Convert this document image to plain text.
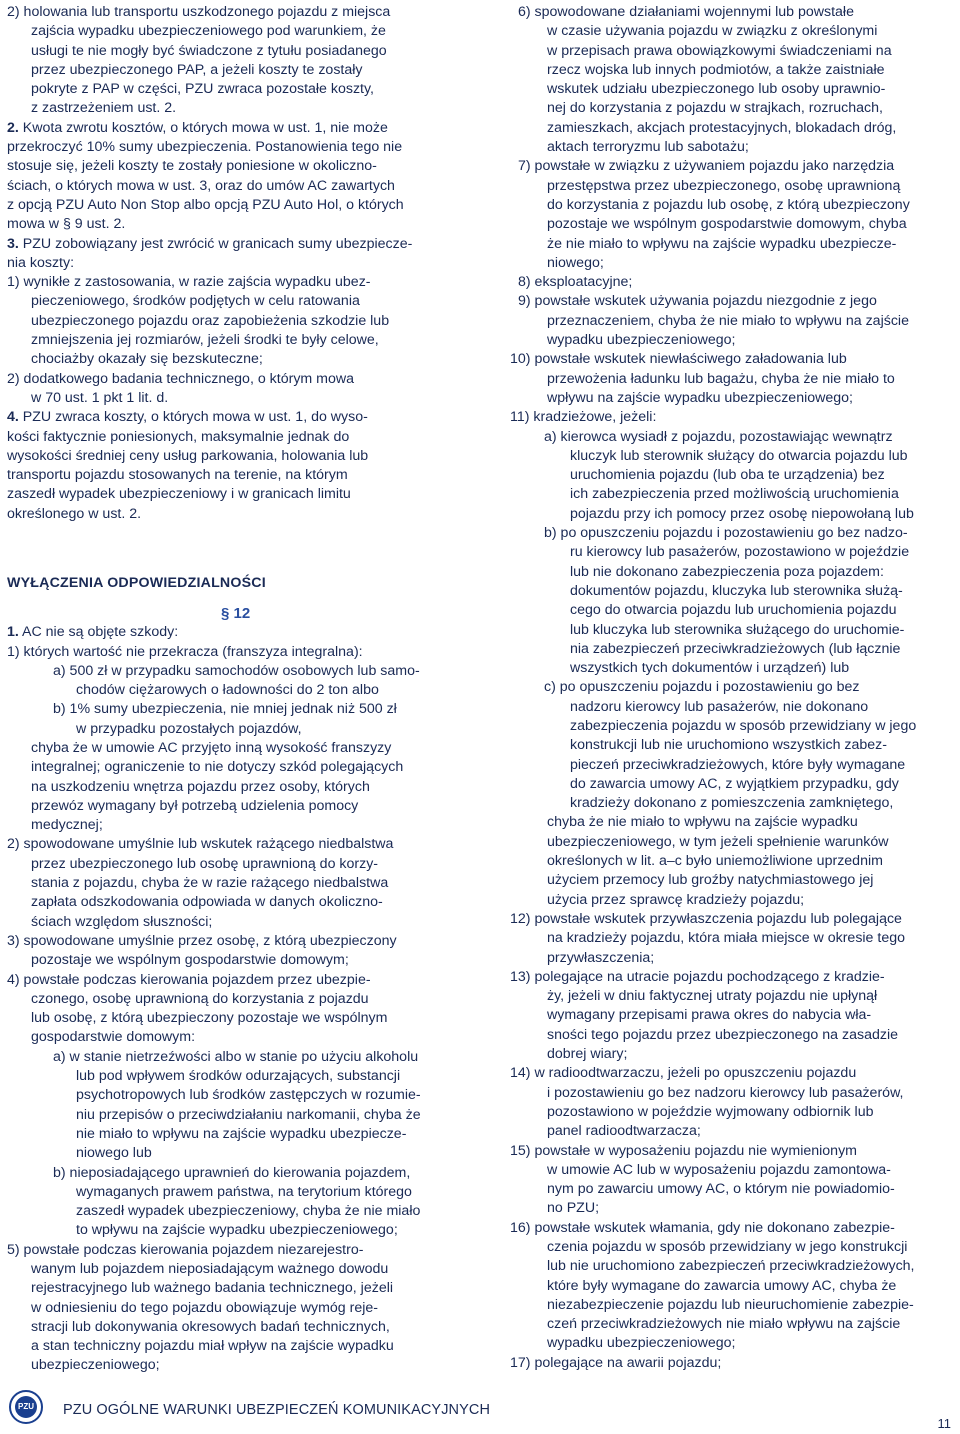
2) holowania lub transportu uszkodzonego pojazdu z miejsca
zajścia wypadku ubezpieczeniowego pod warunkiem, że
usługi te nie mogły być świadczone z tytułu posiadanego
przez ubezpieczonego PAP, a jeżeli koszty te zostały
pokryte z PAP w części, PZU zwraca pozostałe koszty,
z zastrzeżeniem ust. 2.
2. Kwota zwrotu kosztów, o których mowa w ust. 1, nie może
przekroczyć 10% sumy ubezpieczenia. Postanowienia tego nie
stosuje się, jeżeli koszty te zostały poniesione w okoliczno-
ściach, o których mowa w ust. 3, oraz do umów AC zawartych
z opcją PZU Auto Non Stop albo opcją PZU Auto Hol, o których
mowa w § 9 ust. 2.
3. PZU zobowiązany jest zwrócić w granicach sumy ubezpiecze-
nia koszty:
1) wynikłe z zastosowania, w razie zajścia wypadku ubez-
pieczeniowego, środków podjętych w celu ratowania
ubezpieczonego pojazdu oraz zapobieżenia szkodzie lub
zmniejszenia jej rozmiarów, jeżeli środki te były celowe,
chociażby okazały się bezskuteczne;
2) dodatkowego badania technicznego, o którym mowa
w 70 ust. 1 pkt 1 lit. d.
4. PZU zwraca koszty, o których mowa w ust. 1, do wyso-
kości faktycznie poniesionych, maksymalnie jednak do
wysokości średniej ceny usług parkowania, holowania lub
transportu pojazdu stosowanych na terenie, na którym
zaszedł wypadek ubezpieczeniowy i w granicach limitu
określonego w ust. 2.
WYŁĄCZENIA ODPOWIEDZIALNOŚCI
§ 12
1. AC nie są objęte szkody:
1) których wartość nie przekracza (franszyza integralna):
a) 500 zł w przypadku samochodów osobowych lub samo-
chodów ciężarowych o ładowności do 2 ton albo
b) 1% sumy ubezpieczenia, nie mniej jednak niż 500 zł
w przypadku pozostałych pojazdów,
chyba że w umowie AC przyjęto inną wysokość franszyzy
integralnej; ograniczenie to nie dotyczy szkód polegających
na uszkodzeniu wnętrza pojazdu przez osoby, których
przewóz wymagany był potrzebą udzielenia pomocy
medycznej;
2) spowodowane umyślnie lub wskutek rażącego niedbalstwa
przez ubezpieczonego lub osobę uprawnioną do korzy-
stania z pojazdu, chyba że w razie rażącego niedbalstwa
zapłata odszkodowania odpowiada w danych okoliczno-
ściach względom słuszności;
3) spowodowane umyślnie przez osobę, z którą ubezpieczony
pozostaje we wspólnym gospodarstwie domowym;
4) powstałe podczas kierowania pojazdem przez ubezpie-
czonego, osobę uprawnioną do korzystania z pojazdu
lub osobę, z którą ubezpieczony pozostaje we wspólnym
gospodarstwie domowym:
a) w stanie nietrzeźwości albo w stanie po użyciu alkoholu
lub pod wpływem środków odurzających, substancji
psychotropowych lub środków zastępczych w rozumie-
niu przepisów o przeciwdziałaniu narkomanii, chyba że
nie miało to wpływu na zajście wypadku ubezpiecze-
niowego lub
b) nieposiadającego uprawnień do kierowania pojazdem,
wymaganych prawem państwa, na terytorium którego
zaszedł wypadek ubezpieczeniowy, chyba że nie miało
to wpływu na zajście wypadku ubezpieczeniowego;
5) powstałe podczas kierowania pojazdem niezarejestro-
wanym lub pojazdem nieposiadającym ważnego dowodu
rejestracyjnego lub ważnego badania technicznego, jeżeli
w odniesieniu do tego pojazdu obowiązuje wymóg reje-
stracji lub dokonywania okresowych badań technicznych,
a stan techniczny pojazdu miał wpływ na zajście wypadku
ubezpieczeniowego;
6) spowodowane działaniami wojennymi lub powstałe
w czasie używania pojazdu w związku z określonymi
w przepisach prawa obowiązkowymi świadczeniami na
rzecz wojska lub innych podmiotów, a także zaistniałe
wskutek udziału ubezpieczonego lub osoby uprawnio-
nej do korzystania z pojazdu w strajkach, rozruchach,
zamieszkach, akcjach protestacyjnych, blokadach dróg,
aktach terroryzmu lub sabotażu;
7) powstałe w związku z używaniem pojazdu jako narzędzia
przestępstwa przez ubezpieczonego, osobę uprawnioną
do korzystania z pojazdu lub osobę, z którą ubezpieczony
pozostaje we wspólnym gospodarstwie domowym, chyba
że nie miało to wpływu na zajście wypadku ubezpiecze-
niowego;
8) eksploatacyjne;
9) powstałe wskutek używania pojazdu niezgodnie z jego
przeznaczeniem, chyba że nie miało to wpływu na zajście
wypadku ubezpieczeniowego;
10) powstałe wskutek niewłaściwego załadowania lub
przewożenia ładunku lub bagażu, chyba że nie miało to
wpływu na zajście wypadku ubezpieczeniowego;
11) kradzieżowe, jeżeli:
a) kierowca wysiadł z pojazdu, pozostawiając wewnątrz
kluczyk lub sterownik służący do otwarcia pojazdu lub
uruchomienia pojazdu (lub oba te urządzenia) bez
ich zabezpieczenia przed możliwością uruchomienia
pojazdu przy ich pomocy przez osobę niepowołaną lub
b) po opuszczeniu pojazdu i pozostawieniu go bez nadzo-
ru kierowcy lub pasażerów, pozostawiono w pojeździe
lub nie dokonano zabezpieczenia poza pojazdem:
dokumentów pojazdu, kluczyka lub sterownika służą-
cego do otwarcia pojazdu lub uruchomienia pojazdu
lub kluczyka lub sterownika służącego do uruchomie-
nia zabezpieczeń przeciwkradzieżowych (lub łącznie
wszystkich tych dokumentów i urządzeń) lub
c) po opuszczeniu pojazdu i pozostawieniu go bez
nadzoru kierowcy lub pasażerów, nie dokonano
zabezpieczenia pojazdu w sposób przewidziany w jego
konstrukcji lub nie uruchomiono wszystkich zabez-
pieczeń przeciwkradzieżowych, które były wymagane
do zawarcia umowy AC, z wyjątkiem przypadku, gdy
kradzieży dokonano z pomieszczenia zamkniętego,
chyba że nie miało to wpływu na zajście wypadku
ubezpieczeniowego, w tym jeżeli spełnienie warunków
określonych w lit. a–c było uniemożliwione uprzednim
użyciem przemocy lub groźby natychmiastowego jej
użycia przez sprawcę kradzieży pojazdu;
12) powstałe wskutek przywłaszczenia pojazdu lub polegające
na kradzieży pojazdu, która miała miejsce w okresie tego
przywłaszczenia;
13) polegające na utracie pojazdu pochodzącego z kradzie-
ży, jeżeli w dniu faktycznej utraty pojazdu nie upłynął
wymagany przepisami prawa okres do nabycia wła-
sności tego pojazdu przez ubezpieczonego na zasadzie
dobrej wiary;
14) w radioodtwarzaczu, jeżeli po opuszczeniu pojazdu
i pozostawieniu go bez nadzoru kierowcy lub pasażerów,
pozostawiono w pojeździe wyjmowany odbiornik lub
panel radioodtwarzacza;
15) powstałe w wyposażeniu pojazdu nie wymienionym
w umowie AC lub w wyposażeniu pojazdu zamontowa-
nym po zawarciu umowy AC, o którym nie powiadomio-
no PZU;
16) powstałe wskutek włamania, gdy nie dokonano zabezpie-
czenia pojazdu w sposób przewidziany w jego konstrukcji
lub nie uruchomiono zabezpieczeń przeciwkradzieżowych,
które były wymagane do zawarcia umowy AC, chyba że
niezabezpieczenie pojazdu lub nieuruchomienie zabezpie-
czeń przeciwkradzieżowych nie miało wpływu na zajście
wypadku ubezpieczeniowego;
17) polegające na awarii pojazdu;
PZU PZU OGÓLNE WARUNKI UBEZPIECZEŃ KOMUNIKACYJNYCH
11
